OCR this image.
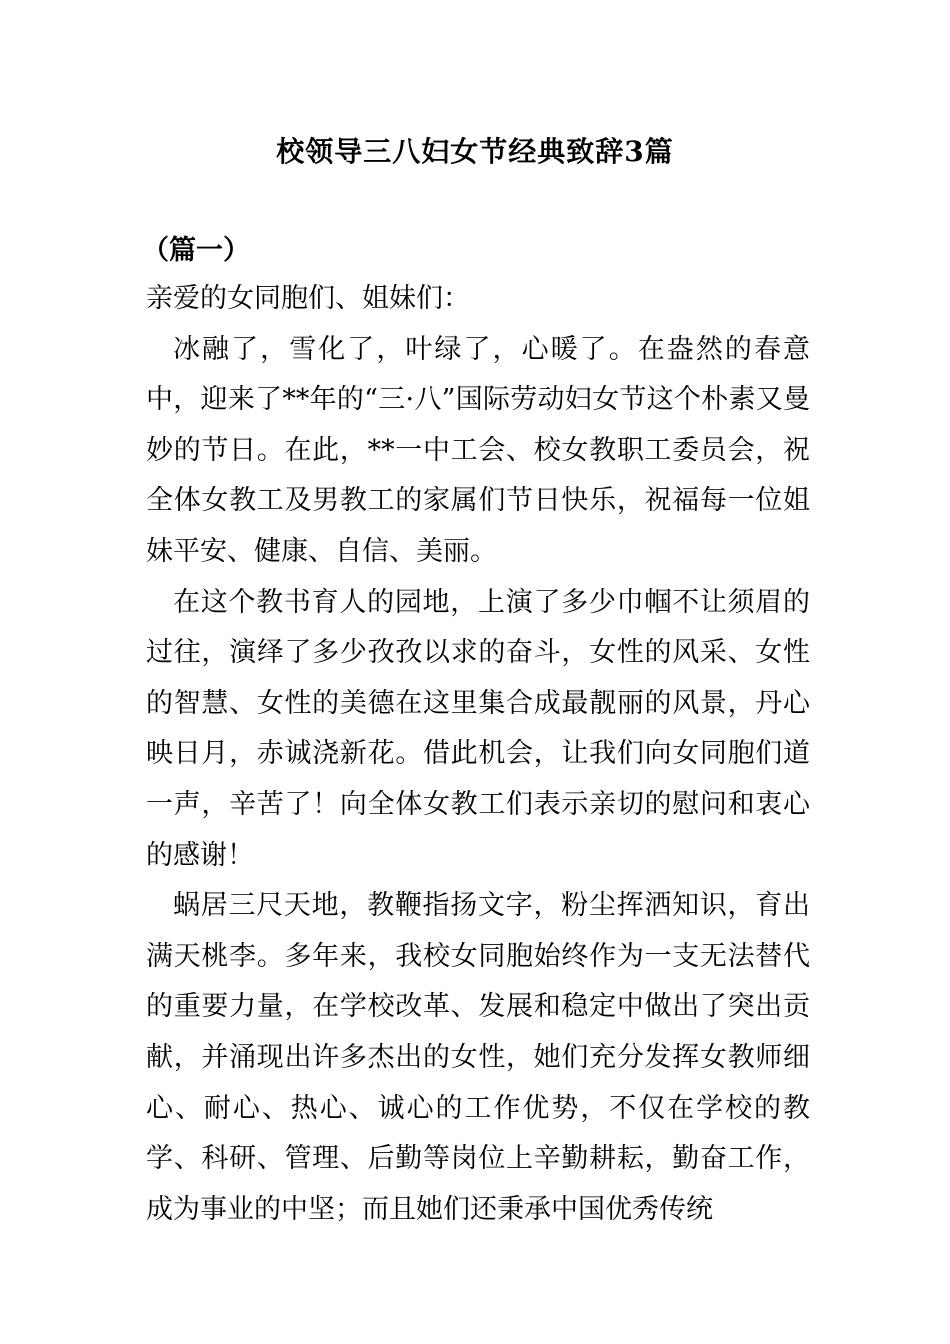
校领导三八妇女节经典致辞3篇
（篇一）

亲爱的女同胞们、姐妹们：

冰融了，雪化了，叶绿了，心暖了。在盎然的春意中，迎来了**年的“三·八”国际劳动妇女节这个朴素又曼妙的节日。在此，**一中工会、校女教职工委员会，祝全体女教工及男教工的家属们节日快乐，祝福每一位姐妹平安、健康、自信、美丽。

在这个教书育人的园地，上演了多少巾帼不让须眉的过往，演绎了多少孜孜以求的奋斗，女性的风采、女性的智慧、女性的美德在这里集合成最靓丽的风景，丹心映日月，赤诚浇新花。借此机会，让我们向女同胞们道一声，辛苦了！向全体女教工们表示亲切的慰问和衷心的感谢！

蜗居三尺天地，教鞭指扬文字，粉尘挥洒知识，育出满天桃李。多年来，我校女同胞始终作为一支无法替代的重要力量，在学校改革、发展和稳定中做出了突出贡献，并涌现出许多杰出的女性，她们充分发挥女教师细心、耐心、热心、诚心的工作优势，不仅在学校的教学、科研、管理、后勤等岗位上辛勤耕耘，勤奋工作，成为事业的中坚；而且她们还秉承中国优秀传统
